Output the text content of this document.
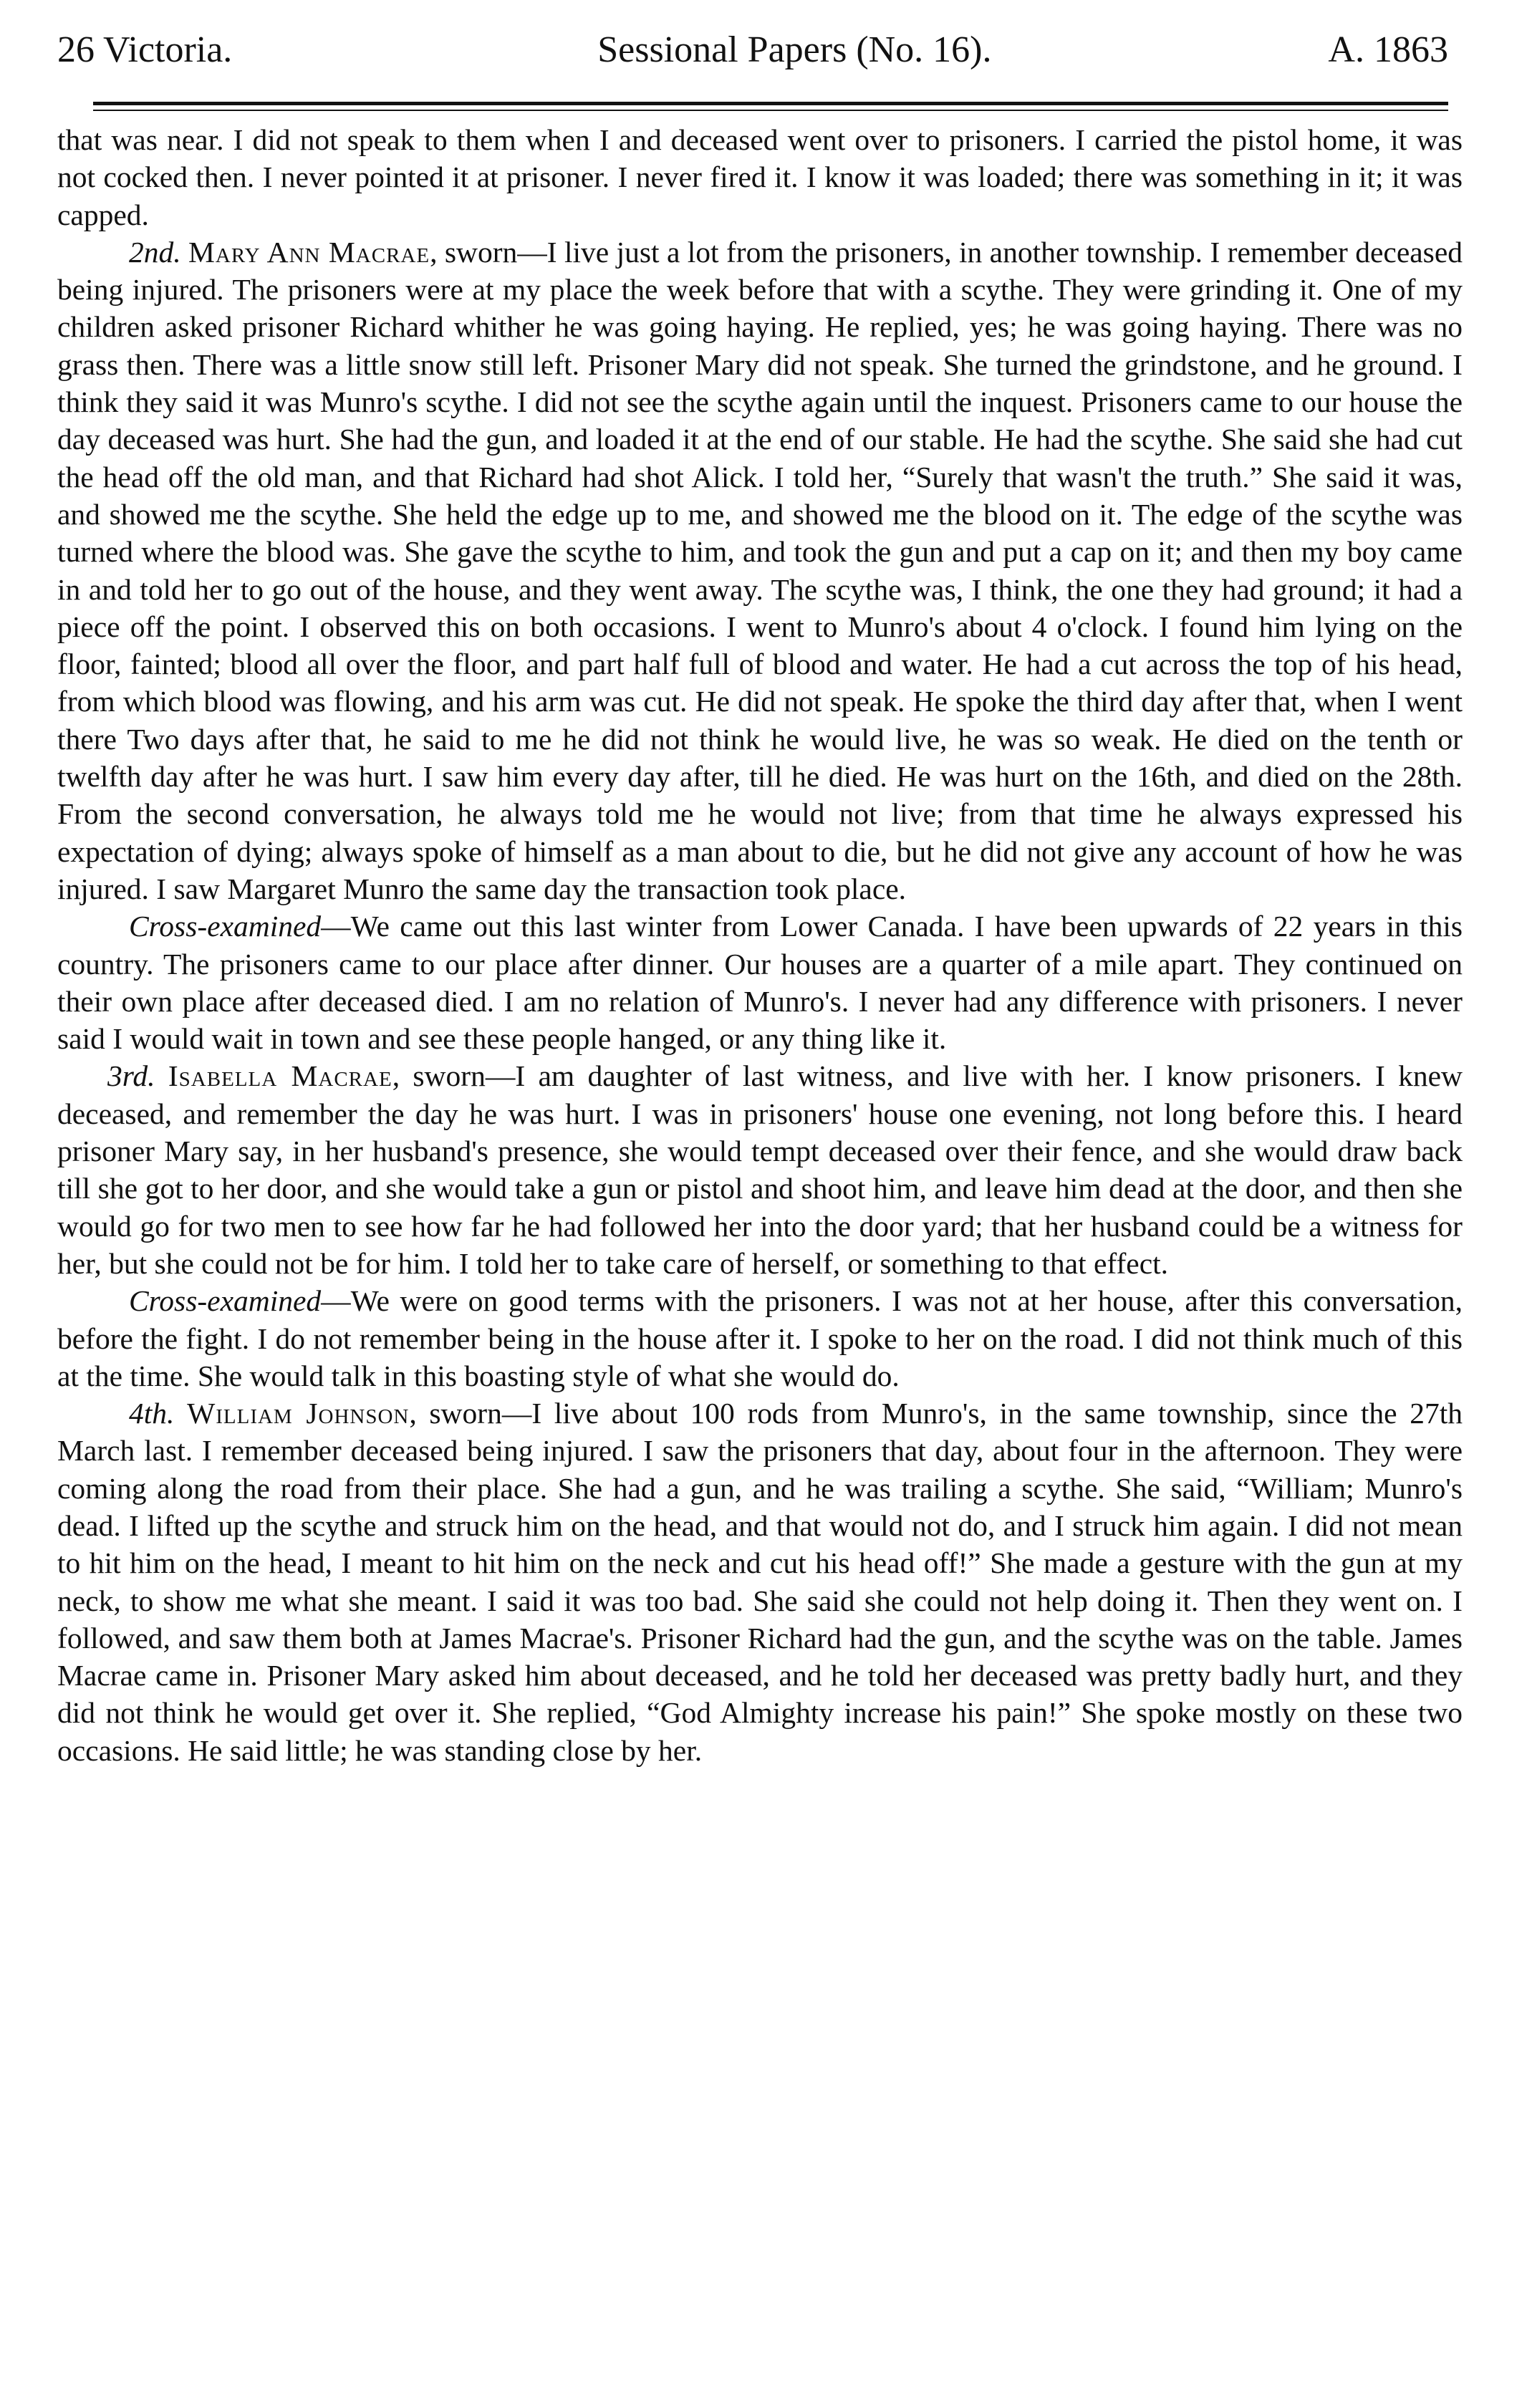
26 Victoria.	Sessional Papers (No. 16).	A. 1863

that was near. I did not speak to them when I and deceased went over to prisoners. I carried the pistol home, it was not cocked then. I never pointed it at prisoner. I never fired it. I know it was loaded; there was something in it; it was capped.

2nd. Mary Ann Macrae, sworn—I live just a lot from the prisoners, in another township. I remember deceased being injured. The prisoners were at my place the week before that with a scythe. They were grinding it. One of my children asked prisoner Richard whither he was going haying. He replied, yes; he was going haying. There was no grass then. There was a little snow still left. Prisoner Mary did not speak. She turned the grindstone, and he ground. I think they said it was Munro's scythe. I did not see the scythe again until the inquest. Prisoners came to our house the day deceased was hurt. She had the gun, and loaded it at the end of our stable. He had the scythe. She said she had cut the head off the old man, and that Richard had shot Alick. I told her, “Surely that wasn't the truth.” She said it was, and showed me the scythe. She held the edge up to me, and showed me the blood on it. The edge of the scythe was turned where the blood was. She gave the scythe to him, and took the gun and put a cap on it; and then my boy came in and told her to go out of the house, and they went away. The scythe was, I think, the one they had ground; it had a piece off the point. I observed this on both occasions. I went to Munro's about 4 o'clock. I found him lying on the floor, fainted; blood all over the floor, and part half full of blood and water. He had a cut across the top of his head, from which blood was flowing, and his arm was cut. He did not speak. He spoke the third day after that, when I went there Two days after that, he said to me he did not think he would live, he was so weak. He died on the tenth or twelfth day after he was hurt. I saw him every day after, till he died. He was hurt on the 16th, and died on the 28th. From the second conversation, he always told me he would not live; from that time he always expressed his expectation of dying; always spoke of himself as a man about to die, but he did not give any account of how he was injured. I saw Margaret Munro the same day the transaction took place.

Cross-examined—We came out this last winter from Lower Canada. I have been upwards of 22 years in this country. The prisoners came to our place after dinner. Our houses are a quarter of a mile apart. They continued on their own place after deceased died. I am no relation of Munro's. I never had any difference with prisoners. I never said I would wait in town and see these people hanged, or any thing like it.

3rd. Isabella Macrae, sworn—I am daughter of last witness, and live with her. I know prisoners. I knew deceased, and remember the day he was hurt. I was in prisoners' house one evening, not long before this. I heard prisoner Mary say, in her husband's presence, she would tempt deceased over their fence, and she would draw back till she got to her door, and she would take a gun or pistol and shoot him, and leave him dead at the door, and then she would go for two men to see how far he had followed her into the door yard; that her husband could be a witness for her, but she could not be for him. I told her to take care of herself, or something to that effect.

Cross-examined—We were on good terms with the prisoners. I was not at her house, after this conversation, before the fight. I do not remember being in the house after it. I spoke to her on the road. I did not think much of this at the time. She would talk in this boasting style of what she would do.

4th. William Johnson, sworn—I live about 100 rods from Munro's, in the same township, since the 27th March last. I remember deceased being injured. I saw the prisoners that day, about four in the afternoon. They were coming along the road from their place. She had a gun, and he was trailing a scythe. She said, “William; Munro's dead. I lifted up the scythe and struck him on the head, and that would not do, and I struck him again. I did not mean to hit him on the head, I meant to hit him on the neck and cut his head off!” She made a gesture with the gun at my neck, to show me what she meant. I said it was too bad. She said she could not help doing it. Then they went on. I followed, and saw them both at James Macrae's. Prisoner Richard had the gun, and the scythe was on the table. James Macrae came in. Prisoner Mary asked him about deceased, and he told her deceased was pretty badly hurt, and they did not think he would get over it. She replied, “God Almighty increase his pain!” She spoke mostly on these two occasions. He said little; he was standing close by her.
